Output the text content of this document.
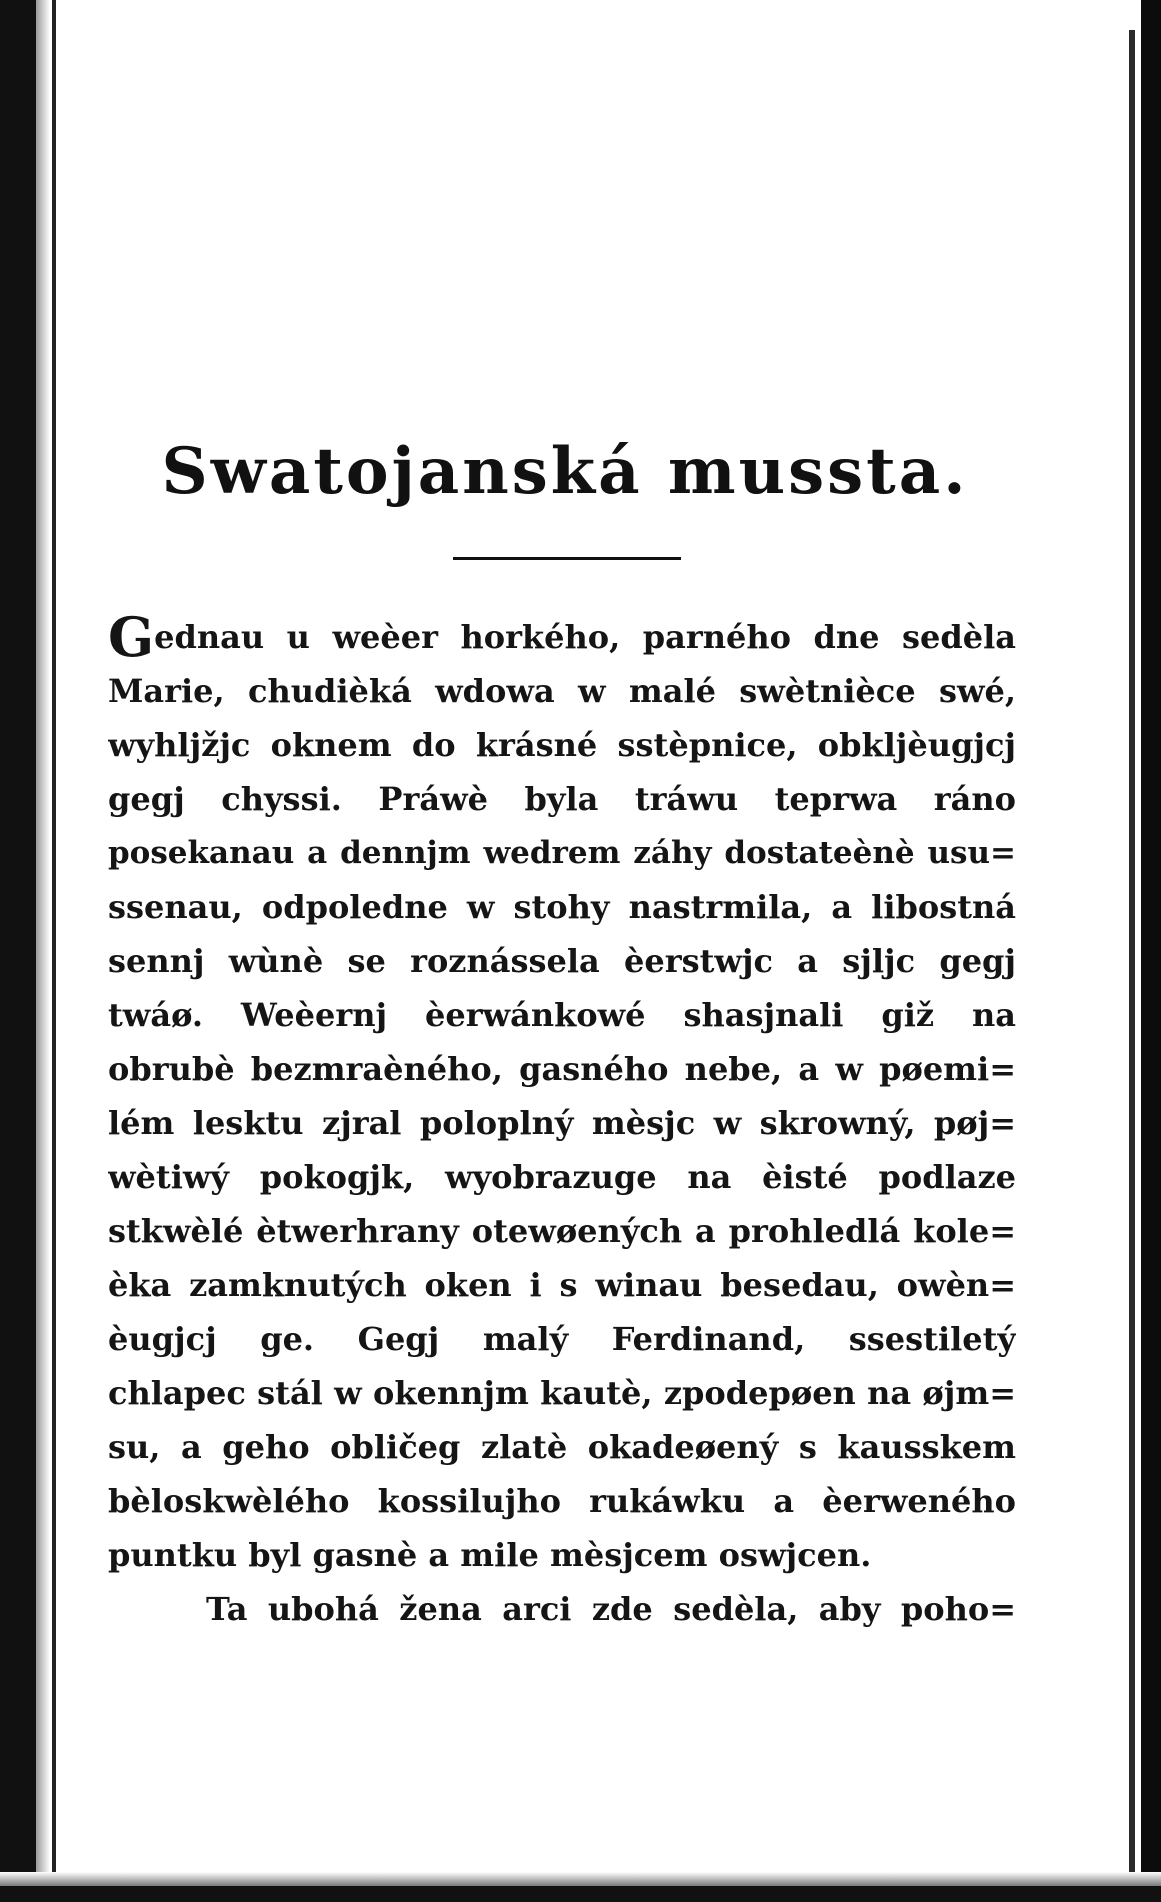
Swatojanská mussta.
Gednau u weèer horkého, parného dne sedèla
Marie, chudièká wdowa w malé swètnièce swé,
wyhljžjc oknem do krásné sstèpnice, obkljèugjcj
gegj chyssi. Práwè byla tráwu teprwa ráno
posekanau a dennjm wedrem záhy dostateènè usu=
ssenau, odpoledne w stohy nastrmila, a libostná
sennj wùnè se roznássela èerstwjc a sjljc gegj
twáø. Weèernj èerwánkowé shasjnali giž na
obrubè bezmraèného, gasného nebe, a w pøemi=
lém lesktu zjral poloplný mèsjc w skrowný, pøj=
wètiwý pokogjk, wyobrazuge na èisté podlaze
stkwèlé ètwerhrany otewøených a prohledlá kole=
èka zamknutých oken i s winau besedau, owèn=
èugjcj ge. Gegj malý Ferdinand, ssestiletý
chlapec stál w okennjm kautè, zpodepøen na øjm=
su, a geho obličeg zlatè okadeøený s kausskem
bèloskwèlého kossilujho rukáwku a èerweného
puntku byl gasnè a mile mèsjcem oswjcen.
Ta ubohá žena arci zde sedèla, aby poho=
